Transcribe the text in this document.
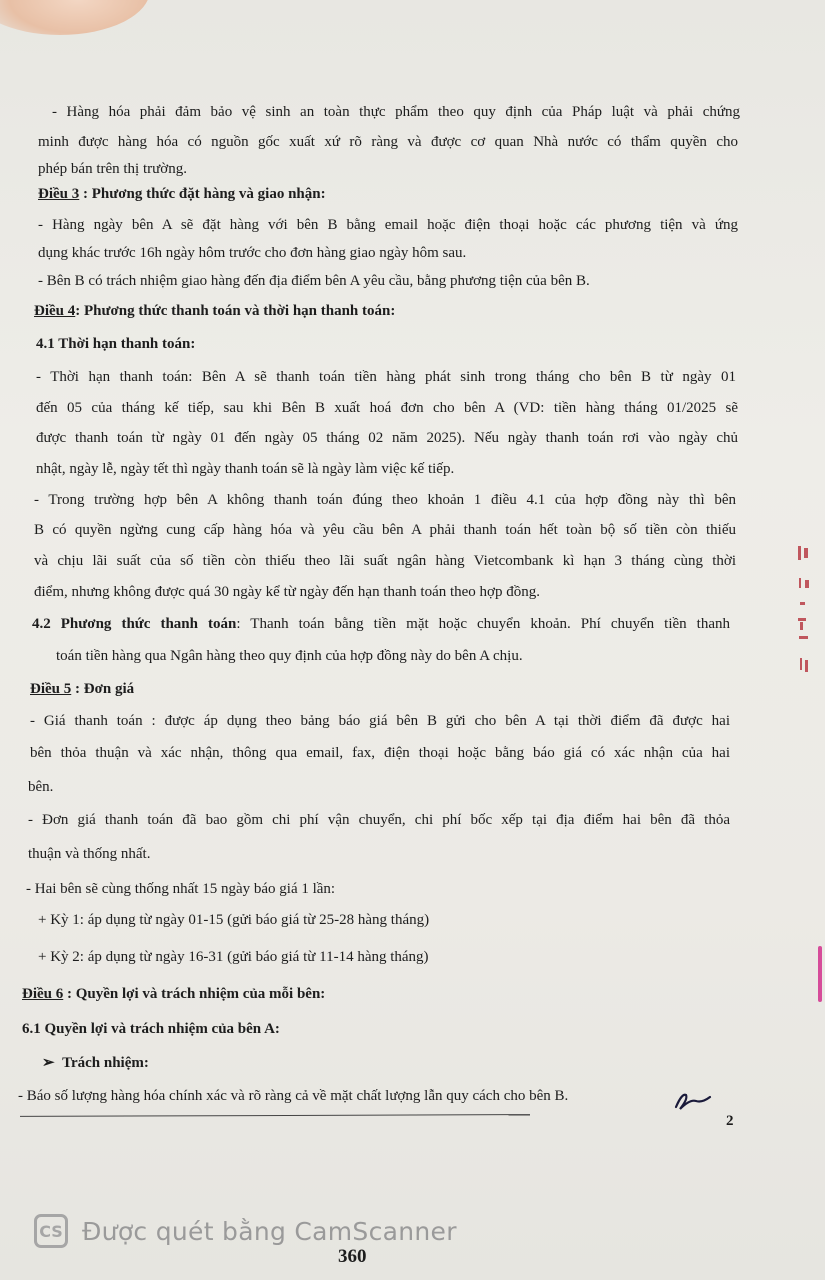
- Hàng hóa phải đảm bảo vệ sinh an toàn thực phẩm theo quy định của Pháp luật và phải chứng
minh được hàng hóa có nguồn gốc xuất xứ rõ ràng và được cơ quan Nhà nước có thẩm quyền cho
phép bán trên thị trường.
Điều 3 : Phương thức đặt hàng và giao nhận:
- Hàng ngày bên A sẽ đặt hàng với bên B bằng email hoặc điện thoại hoặc các phương tiện và ứng
dụng khác trước 16h ngày hôm trước cho đơn hàng giao ngày hôm sau.
- Bên B có trách nhiệm giao hàng đến địa điểm bên A yêu cầu, bằng phương tiện của bên B.
Điều 4: Phương thức thanh toán và thời hạn thanh toán:
4.1 Thời hạn thanh toán:
- Thời hạn thanh toán: Bên A sẽ thanh toán tiền hàng phát sinh trong tháng cho bên B từ ngày 01
đến 05 của tháng kế tiếp, sau khi Bên B xuất hoá đơn cho bên A (VD: tiền hàng tháng 01/2025 sẽ
được thanh toán từ ngày 01 đến ngày 05 tháng 02 năm 2025). Nếu ngày thanh toán rơi vào ngày chủ
nhật, ngày lễ, ngày tết thì ngày thanh toán sẽ là ngày làm việc kế tiếp.
- Trong trường hợp bên A không thanh toán đúng theo khoản 1 điều 4.1 của hợp đồng này thì bên
B có quyền ngừng cung cấp hàng hóa và yêu cầu bên A phải thanh toán hết toàn bộ số tiền còn thiếu
và chịu lãi suất của số tiền còn thiếu theo lãi suất ngân hàng Vietcombank kì hạn 3 tháng cùng thời
điểm, nhưng không được quá 30 ngày kể từ ngày đến hạn thanh toán theo hợp đồng.
4.2 Phương thức thanh toán: Thanh toán bằng tiền mặt hoặc chuyển khoản. Phí chuyển tiền thanh
toán tiền hàng qua Ngân hàng theo quy định của hợp đồng này do bên A chịu.
Điều 5 : Đơn giá
- Giá thanh toán : được áp dụng theo bảng báo giá bên B gửi cho bên A tại thời điểm đã được hai
bên thỏa thuận và xác nhận, thông qua email, fax, điện thoại hoặc bằng báo giá có xác nhận của hai
bên.
- Đơn giá thanh toán đã bao gồm chi phí vận chuyển, chi phí bốc xếp tại địa điểm hai bên đã thỏa
thuận và thống nhất.
- Hai bên sẽ cùng thống nhất 15 ngày báo giá 1 lần:
+ Kỳ 1: áp dụng từ ngày 01-15 (gửi báo giá từ 25-28 hàng tháng)
+ Kỳ 2: áp dụng từ ngày 16-31 (gửi báo giá từ 11-14 hàng tháng)
Điều 6 : Quyền lợi và trách nhiệm của mỗi bên:
6.1 Quyền lợi và trách nhiệm của bên A:
➢ Trách nhiệm:
- Báo số lượng hàng hóa chính xác và rõ ràng cả về mặt chất lượng lẫn quy cách cho bên B.
2
CS Được quét bằng CamScanner
360
